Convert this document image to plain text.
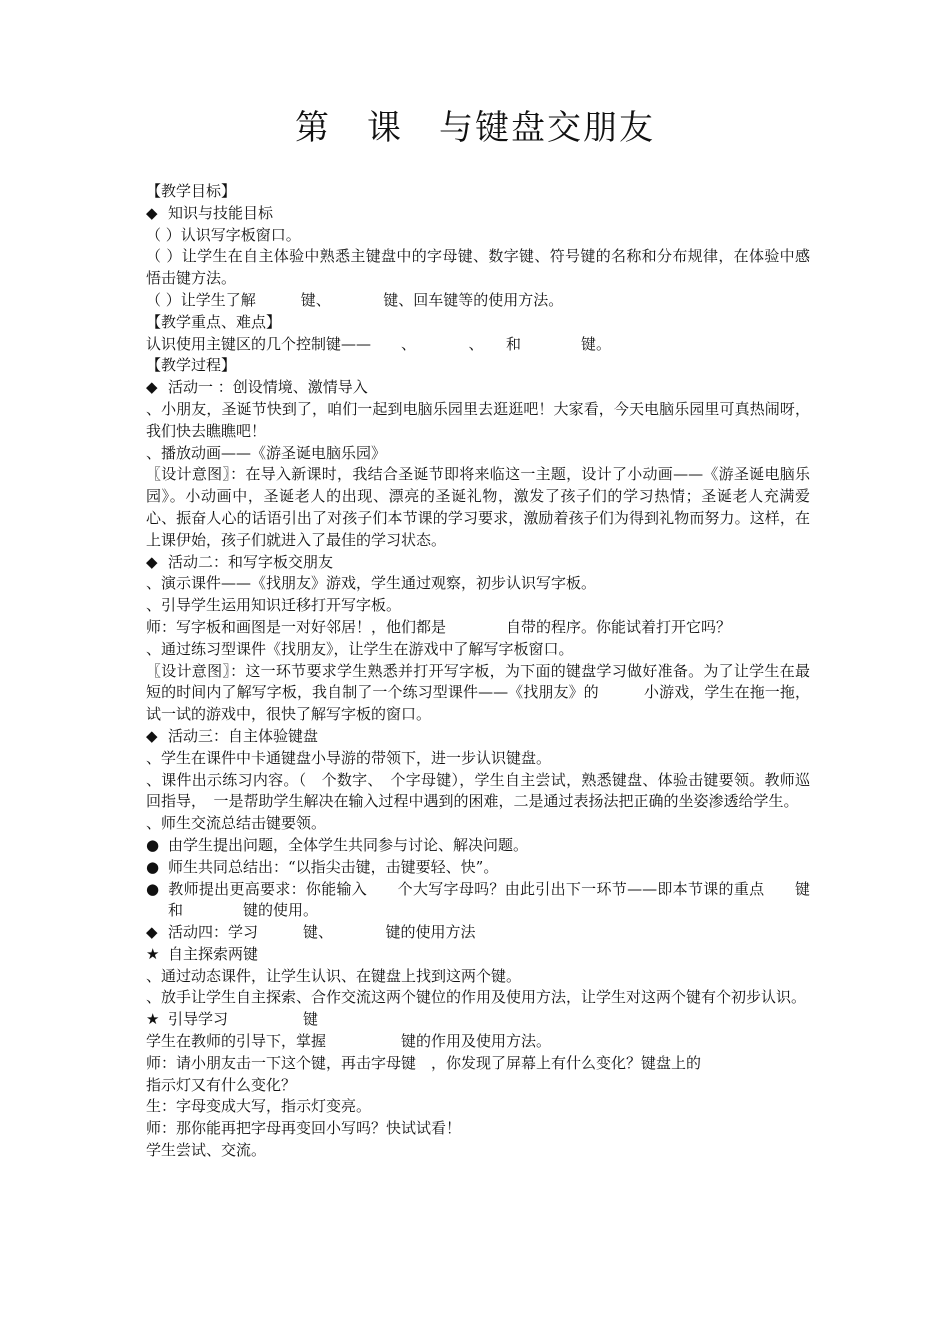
第　课　与键盘交朋友

【教学目标】

◆ 知识与技能目标

（ ）认识写字板窗口。

（ ）让学生在自主体验中熟悉主键盘中的字母键、数字键、符号键的名称和分布规律，在体验中感悟击键方法。

（ ）让学生了解　　　键、　　　　键、回车键等的使用方法。

【教学重点、难点】

认识使用主键区的几个控制键——　　、　　　　、　　和　　　　键。

【教学过程】

◆ 活动一 ：创设情境、激情导入

、小朋友，圣诞节快到了，咱们一起到电脑乐园里去逛逛吧！大家看，今天电脑乐园里可真热闹呀，我们快去瞧瞧吧！

、播放动画——《游圣诞电脑乐园》

〖设计意图〗：在导入新课时，我结合圣诞节即将来临这一主题，设计了小动画——《游圣诞电脑乐园》。小动画中，圣诞老人的出现、漂亮的圣诞礼物，激发了孩子们的学习热情；圣诞老人充满爱心、振奋人心的话语引出了对孩子们本节课的学习要求，激励着孩子们为得到礼物而努力。这样，在上课伊始，孩子们就进入了最佳的学习状态。

◆ 活动二：和写字板交朋友

、演示课件——《找朋友》游戏，学生通过观察，初步认识写字板。

、引导学生运用知识迁移打开写字板。

师：写字板和画图是一对好邻居！，他们都是　　　　自带的程序。你能试着打开它吗？

、通过练习型课件《找朋友》，让学生在游戏中了解写字板窗口。

〖设计意图〗：这一环节要求学生熟悉并打开写字板，为下面的键盘学习做好准备。为了让学生在最短的时间内了解写字板，我自制了一个练习型课件——《找朋友》的　　　小游戏，学生在拖一拖，试一试的游戏中，很快了解写字板的窗口。

◆ 活动三：自主体验键盘

、学生在课件中卡通键盘小导游的带领下，进一步认识键盘。

、课件出示练习内容。（　个数字、　个字母键），学生自主尝试，熟悉键盘、体验击键要领。教师巡回指导，　一是帮助学生解决在输入过程中遇到的困难，二是通过表扬法把正确的坐姿渗透给学生。

、师生交流总结击键要领。

● 由学生提出问题，全体学生共同参与讨论、解决问题。

● 师生共同总结出：“以指尖击键，击键要轻、快”。

● 教师提出更高要求：你能输入　　个大写字母吗？由此引出下一环节——即本节课的重点　　键和　　　　键的使用。

◆ 活动四：学习　　　键、　　　　键的使用方法

★ 自主探索两键

、通过动态课件，让学生认识、在键盘上找到这两个键。

、放手让学生自主探索、合作交流这两个键位的作用及使用方法，让学生对这两个键有个初步认识。

★ 引导学习　　　　　键

学生在教师的引导下，掌握　　　　　键的作用及使用方法。

师：请小朋友击一下这个键，再击字母键　，你发现了屏幕上有什么变化？键盘上的

指示灯又有什么变化？

生：字母变成大写，指示灯变亮。

师：那你能再把字母再变回小写吗？快试试看！

学生尝试、交流。
